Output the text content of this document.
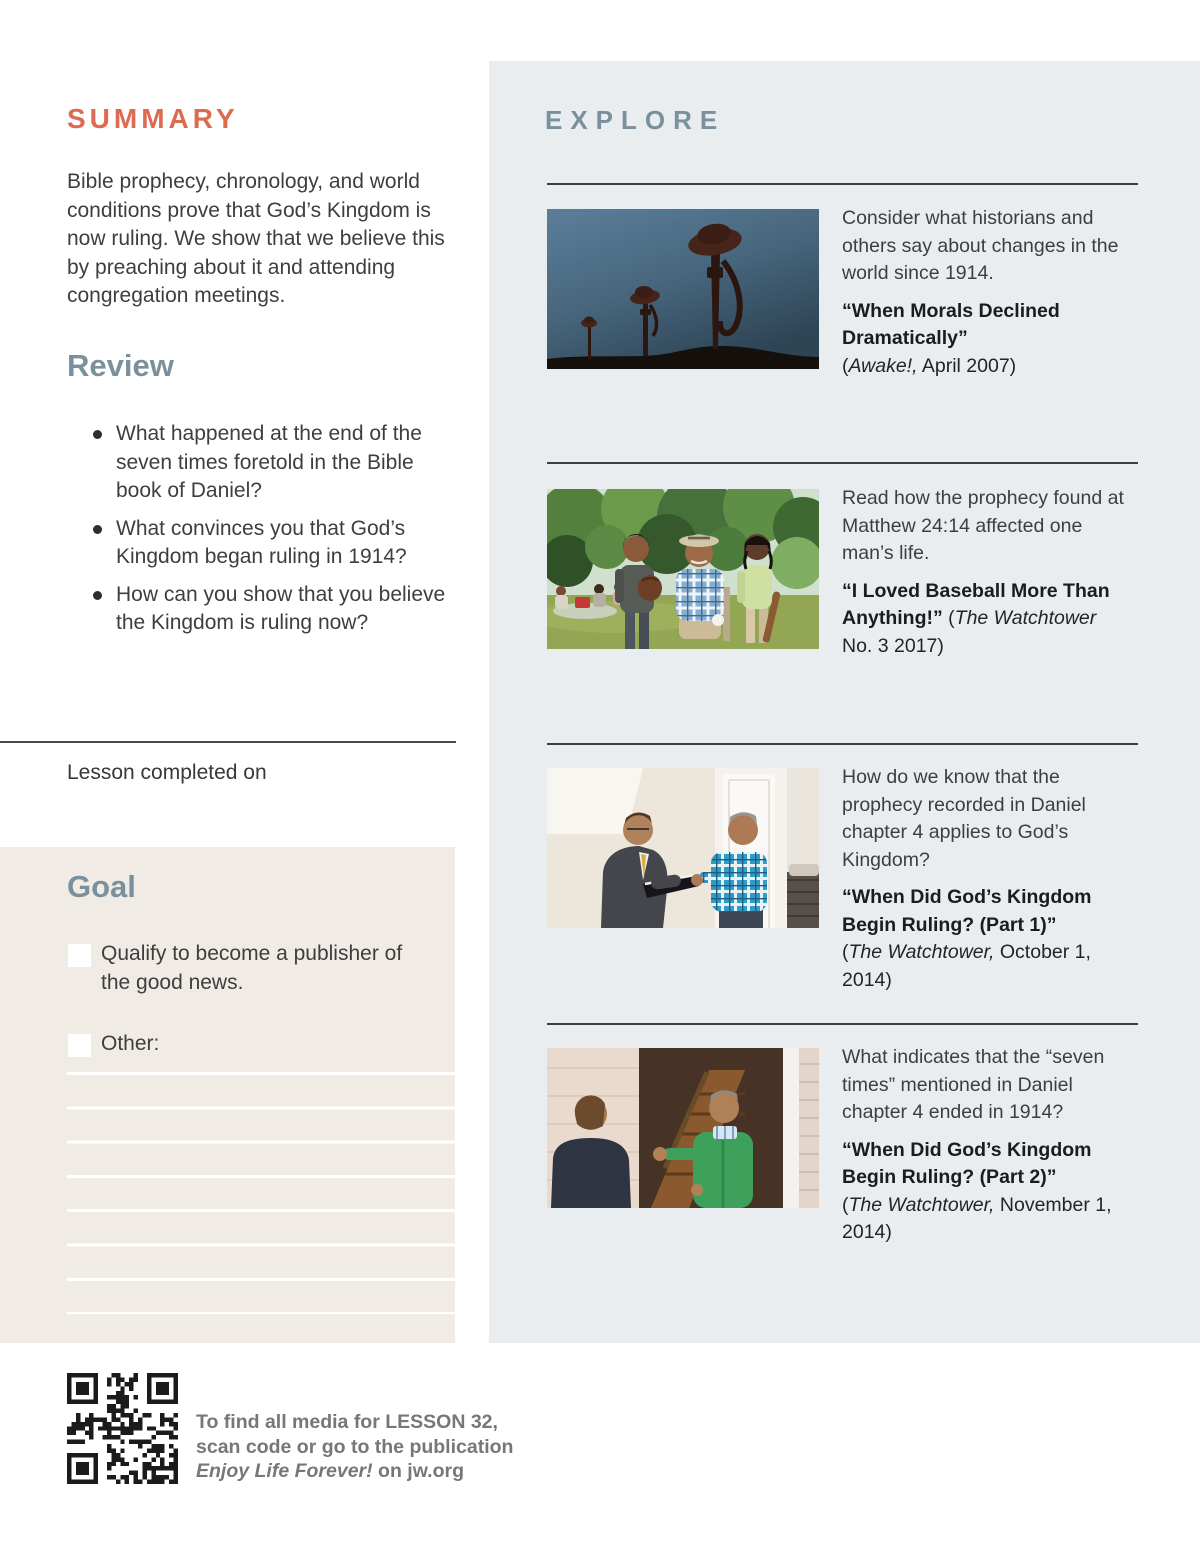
SUMMARY

Bible prophecy, chronology, and world conditions prove that God’s Kingdom is now ruling. We show that we believe this by preaching about it and attending congregation meetings.

Review
What happened at the end of the seven times foretold in the Bible book of Daniel?
What convinces you that God’s Kingdom began ruling in 1914?
How can you show that you believe the Kingdom is ruling now?
Lesson completed on
Goal
Qualify to become a publisher of the good news.
Other:
EXPLORE

Consider what historians and others say about changes in the world since 1914.

“When Morals Declined Dramatically”

(Awake!, April 2007)

Read how the prophecy found at Matthew 24:14 affected one man’s life.

“I Loved Baseball More Than Anything!” (The Watchtower No. 3 2017)

How do we know that the prophecy recorded in Daniel chapter 4 applies to God’s Kingdom?

“When Did God’s Kingdom Begin Ruling? (Part 1)”

(The Watchtower, October 1, 2014)

What indicates that the “seven times” mentioned in Daniel chapter 4 ended in 1914?

“When Did God’s Kingdom Begin Ruling? (Part 2)”

(The Watchtower, November 1, 2014)

To find all media for LESSON 32,
scan code or go to the publication
Enjoy Life Forever! on jw.org
